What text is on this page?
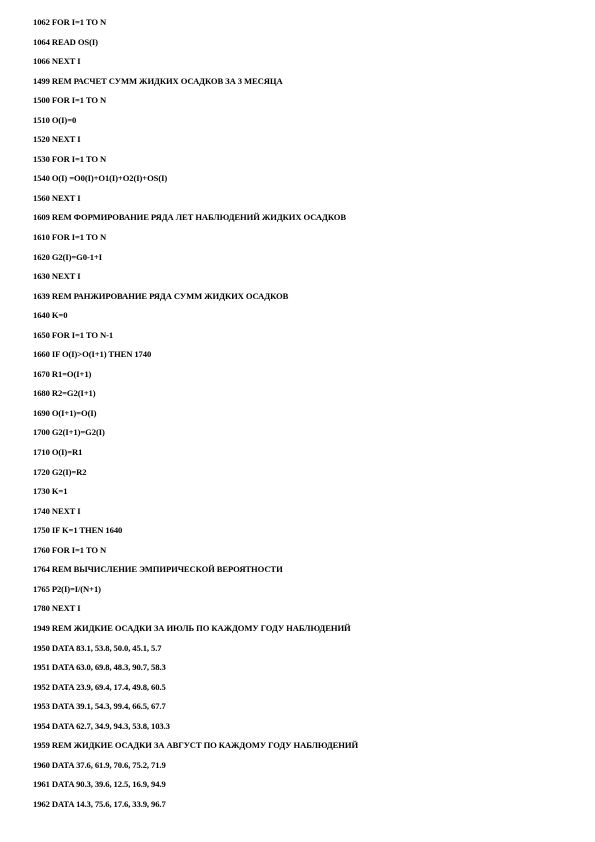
1062 FOR I=1 TO N
1064 READ OS(I)
1066 NEXT I
1499 REM РАСЧЕТ СУММ ЖИДКИХ ОСАДКОВ ЗА 3 МЕСЯЦА
1500 FOR I=1 TO N
1510 O(I)=0
1520 NEXT I
1530 FOR I=1 TO N
1540 O(I) =O0(I)+O1(I)+O2(I)+OS(I)
1560 NEXT I
1609 REM ФОРМИРОВАНИЕ РЯДА ЛЕТ НАБЛЮДЕНИЙ ЖИДКИХ ОСАДКОВ
1610 FOR I=1 TO N
1620 G2(I)=G0-1+I
1630 NEXT I
1639 REM РАНЖИРОВАНИЕ РЯДА СУММ ЖИДКИХ ОСАДКОВ
1640 K=0
1650 FOR I=1 TO N-1
1660 IF O(I)>O(I+1) THEN 1740
1670 R1=O(I+1)
1680 R2=G2(I+1)
1690 O(I+1)=O(I)
1700 G2(I+1)=G2(I)
1710 O(I)=R1
1720 G2(I)=R2
1730 K=1
1740 NEXT I
1750 IF K=1 THEN 1640
1760 FOR I=1 TO N
1764 REM ВЫЧИСЛЕНИЕ ЭМПИРИЧЕСКОЙ ВЕРОЯТНОСТИ
1765 P2(I)=I/(N+1)
1780 NEXT I
1949 REM ЖИДКИЕ ОСАДКИ ЗА ИЮЛЬ ПО КАЖДОМУ ГОДУ НАБЛЮДЕНИЙ
1950 DATA 83.1, 53.8, 50.0, 45.1, 5.7
1951 DATA 63.0, 69.8, 48.3, 90.7, 58.3
1952 DATA 23.9, 69.4, 17.4, 49.8, 60.5
1953 DATA 39.1, 54.3, 99.4, 66.5, 67.7
1954 DATA 62.7, 34.9, 94.3, 53.8, 103.3
1959 REM ЖИДКИЕ ОСАДКИ ЗА АВГУСТ ПО КАЖДОМУ ГОДУ НАБЛЮДЕНИЙ
1960 DATA 37.6, 61.9, 70.6, 75.2, 71.9
1961 DATA 90.3, 39.6, 12.5, 16.9, 94.9
1962 DATA 14.3, 75.6, 17.6, 33.9, 96.7
